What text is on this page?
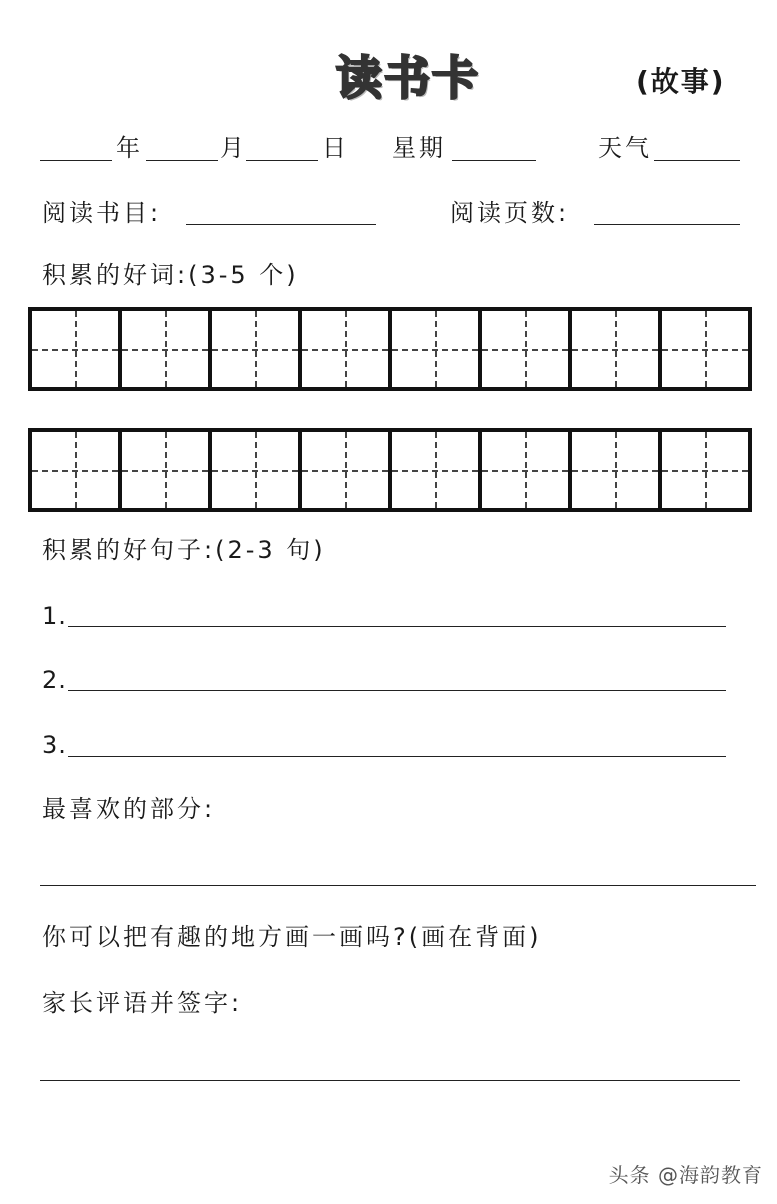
读书卡	(故事)
年	月	日 星期	天气
阅读书目:	阅读页数:
积累的好词:(3-5 个)
积累的好句子:(2-3 句)
1.
2.
3.
最喜欢的部分:
你可以把有趣的地方画一画吗?(画在背面)
家长评语并签字:
头条 @海韵教育
